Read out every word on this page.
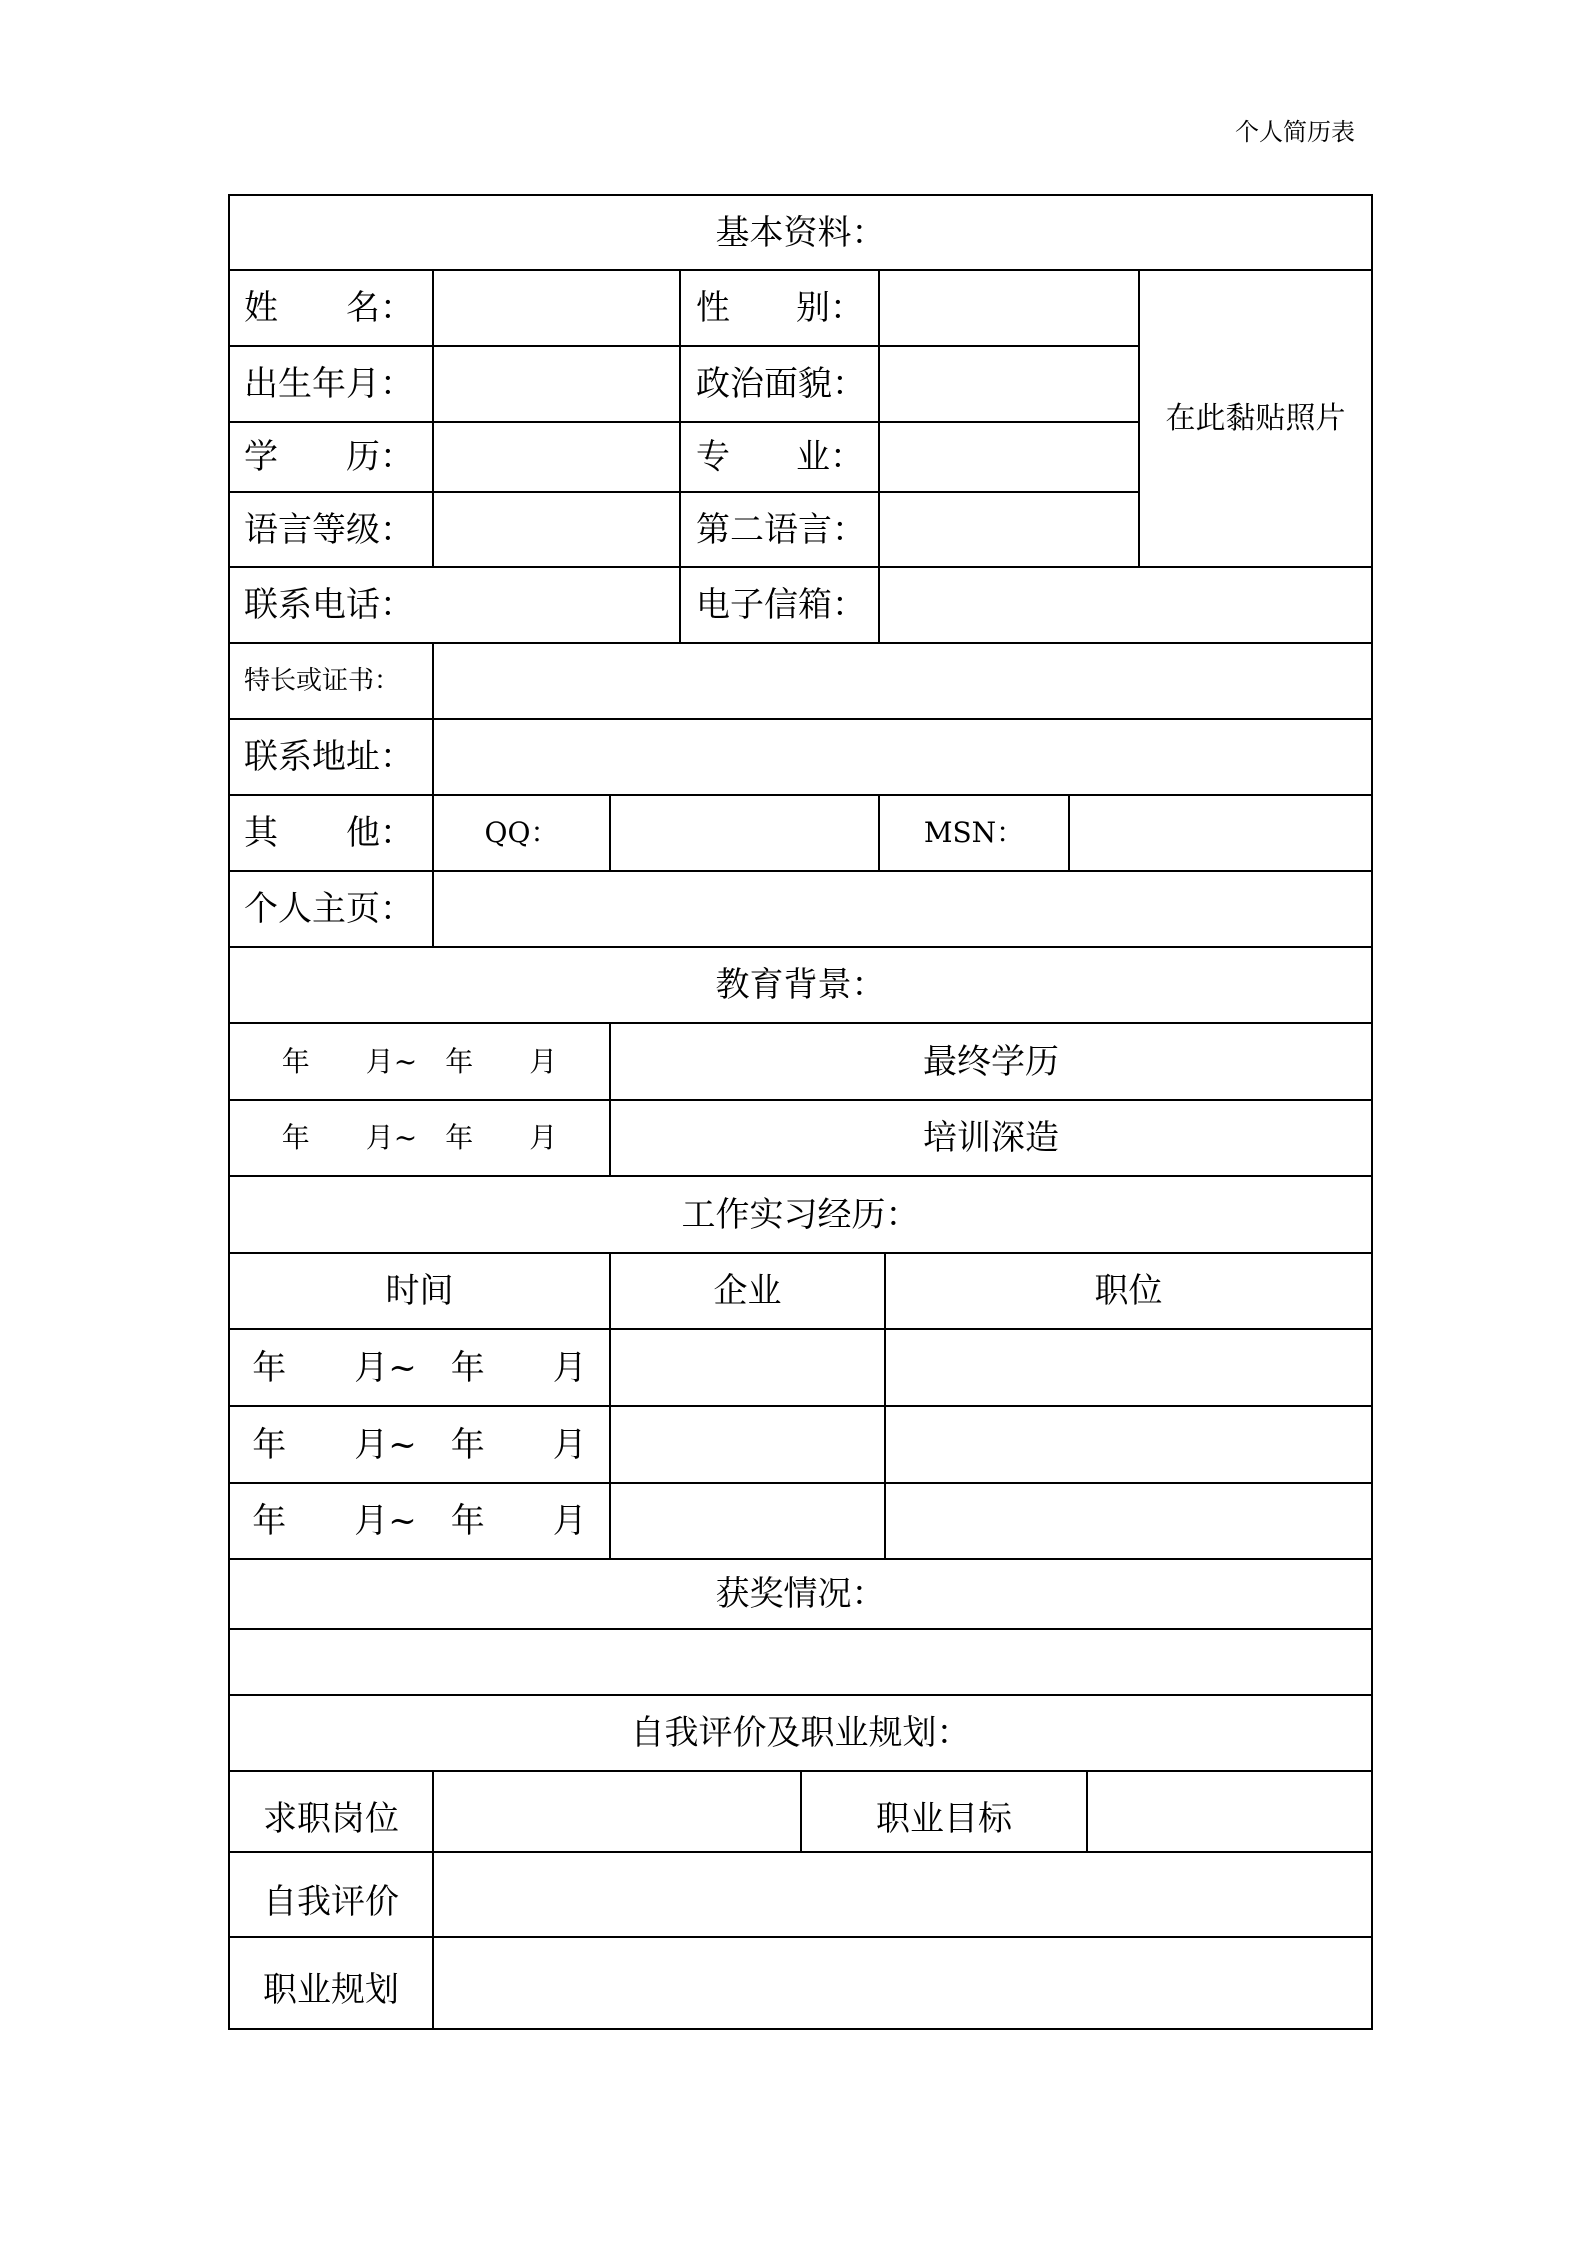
个人简历表
基本资料：
姓 名：	性 别：
出生年月：	政治面貌：
学 历：	专 业：
语言等级：	第二语言：
在此黏贴照片
联系电话：	电子信箱：
特长或证书：
联系地址：
其 他：	QQ：	MSN：
个人主页：
教育背景：
年　　月~　年　　月	最终学历
年　　月~　年　　月	培训深造
工作实习经历：
时间	企业	职位
年　　月~　年　　月
年　　月~　年　　月
年　　月~　年　　月
获奖情况：
自我评价及职业规划：
求职岗位	职业目标
自我评价
职业规划
